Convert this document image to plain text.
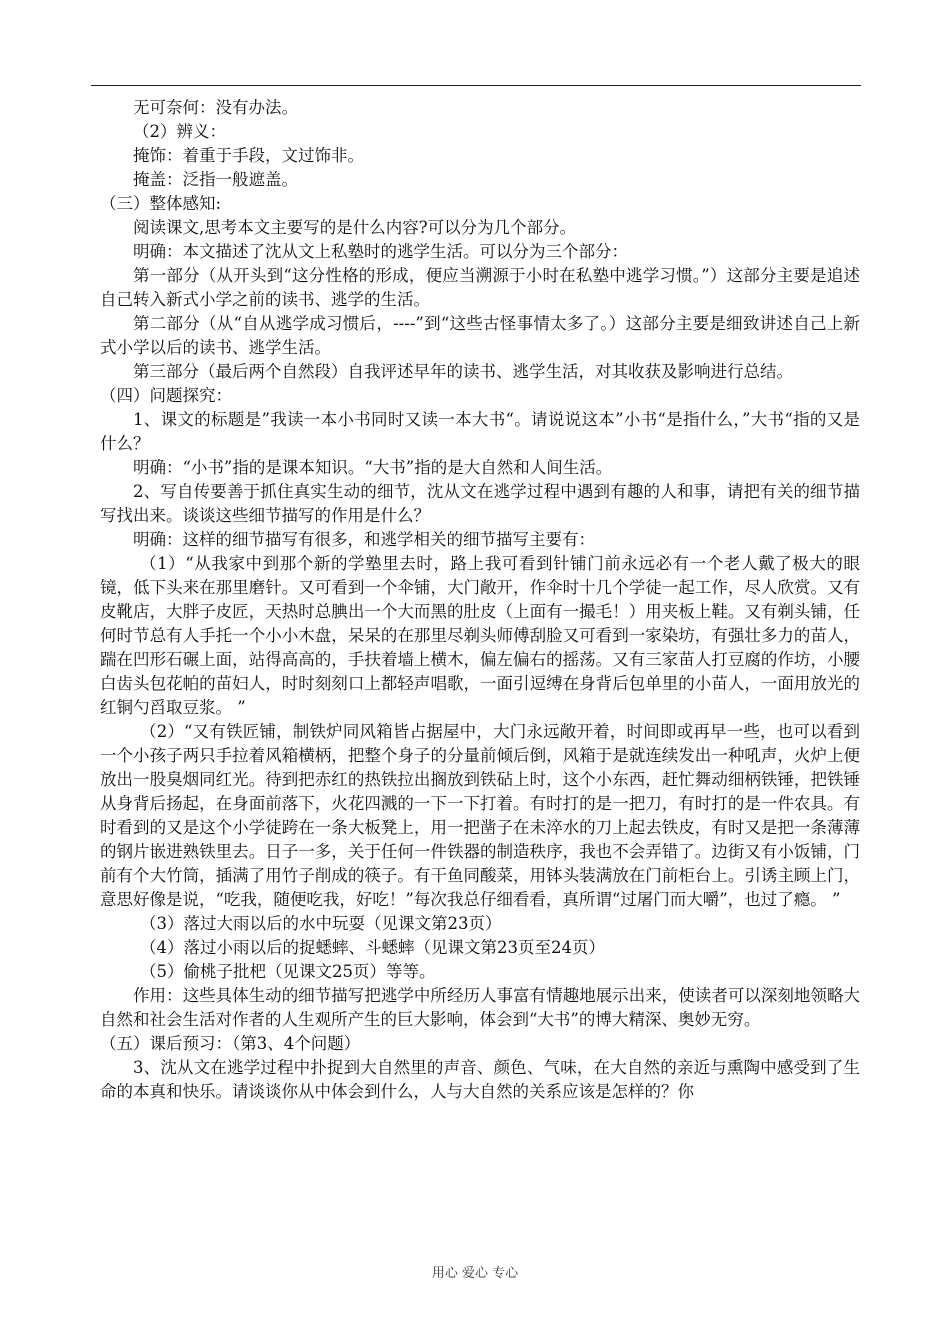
无可奈何：没有办法。

（2）辨义：

掩饰：着重于手段，文过饰非。

掩盖：泛指一般遮盖。

（三）整体感知:

阅读课文,思考本文主要写的是什么内容?可以分为几个部分。

明确：本文描述了沈从文上私塾时的逃学生活。可以分为三个部分：

第一部分（从开头到“这分性格的形成，便应当溯源于小时在私塾中逃学习惯。”）这部分主要是追述自己转入新式小学之前的读书、逃学的生活。

第二部分（从“自从逃学成习惯后，----”到“这些古怪事情太多了。）这部分主要是细致讲述自己上新式小学以后的读书、逃学生活。

第三部分（最后两个自然段）自我评述早年的读书、逃学生活，对其收获及影响进行总结。

（四）问题探究：

1、课文的标题是”我读一本小书同时又读一本大书“。请说说这本”小书“是指什么，”大书“指的又是什么？

明确：“小书”指的是课本知识。“大书”指的是大自然和人间生活。

2、写自传要善于抓住真实生动的细节，沈从文在逃学过程中遇到有趣的人和事，请把有关的细节描写找出来。谈谈这些细节描写的作用是什么？

明确：这样的细节描写有很多，和逃学相关的细节描写主要有：

（1）“从我家中到那个新的学塾里去时，路上我可看到针铺门前永远必有一个老人戴了极大的眼镜，低下头来在那里磨针。又可看到一个伞铺，大门敞开，作伞时十几个学徒一起工作，尽人欣赏。又有皮靴店，大胖子皮匠，天热时总腆出一个大而黑的肚皮（上面有一撮毛！）用夹板上鞋。又有剃头铺，任何时节总有人手托一个小小木盘，呆呆的在那里尽剃头师傅刮脸又可看到一家染坊，有强壮多力的苗人，踹在凹形石碾上面，站得高高的，手扶着墙上横木，偏左偏右的摇荡。又有三家苗人打豆腐的作坊，小腰白齿头包花帕的苗妇人，时时刻刻口上都轻声唱歌，一面引逗缚在身背后包单里的小苗人，一面用放光的红铜勺舀取豆浆。 ”

（2）“又有铁匠铺，制铁炉同风箱皆占据屋中，大门永远敞开着，时间即或再早一些，也可以看到一个小孩子两只手拉着风箱横柄，把整个身子的分量前倾后倒，风箱于是就连续发出一种吼声，火炉上便放出一股臭烟同红光。待到把赤红的热铁拉出搁放到铁砧上时，这个小东西，赶忙舞动细柄铁锤，把铁锤从身背后扬起，在身面前落下，火花四溅的一下一下打着。有时打的是一把刀，有时打的是一件农具。有时看到的又是这个小学徒跨在一条大板凳上，用一把凿子在未淬水的刀上起去铁皮，有时又是把一条薄薄的钢片嵌进熟铁里去。日子一多，关于任何一件铁器的制造秩序，我也不会弄错了。边街又有小饭铺，门前有个大竹筒，插满了用竹子削成的筷子。有干鱼同酸菜，用钵头装满放在门前柜台上。引诱主顾上门，意思好像是说，“吃我，随便吃我，好吃！”每次我总仔细看看，真所谓“过屠门而大嚼”，也过了瘾。 ”

（3）落过大雨以后的水中玩耍（见课文第23页）

（4）落过小雨以后的捉蟋蟀、斗蟋蟀（见课文第23页至24页）

（5）偷桃子批杷（见课文25页）等等。

作用：这些具体生动的细节描写把逃学中所经历人事富有情趣地展示出来，使读者可以深刻地领略大自然和社会生活对作者的人生观所产生的巨大影响，体会到“大书”的博大精深、奥妙无穷。

（五）课后预习：（第3、4个问题）

3、沈从文在逃学过程中扑捉到大自然里的声音、颜色、气味，在大自然的亲近与熏陶中感受到了生命的本真和快乐。请谈谈你从中体会到什么，人与大自然的关系应该是怎样的？你

用心 爱心 专心
